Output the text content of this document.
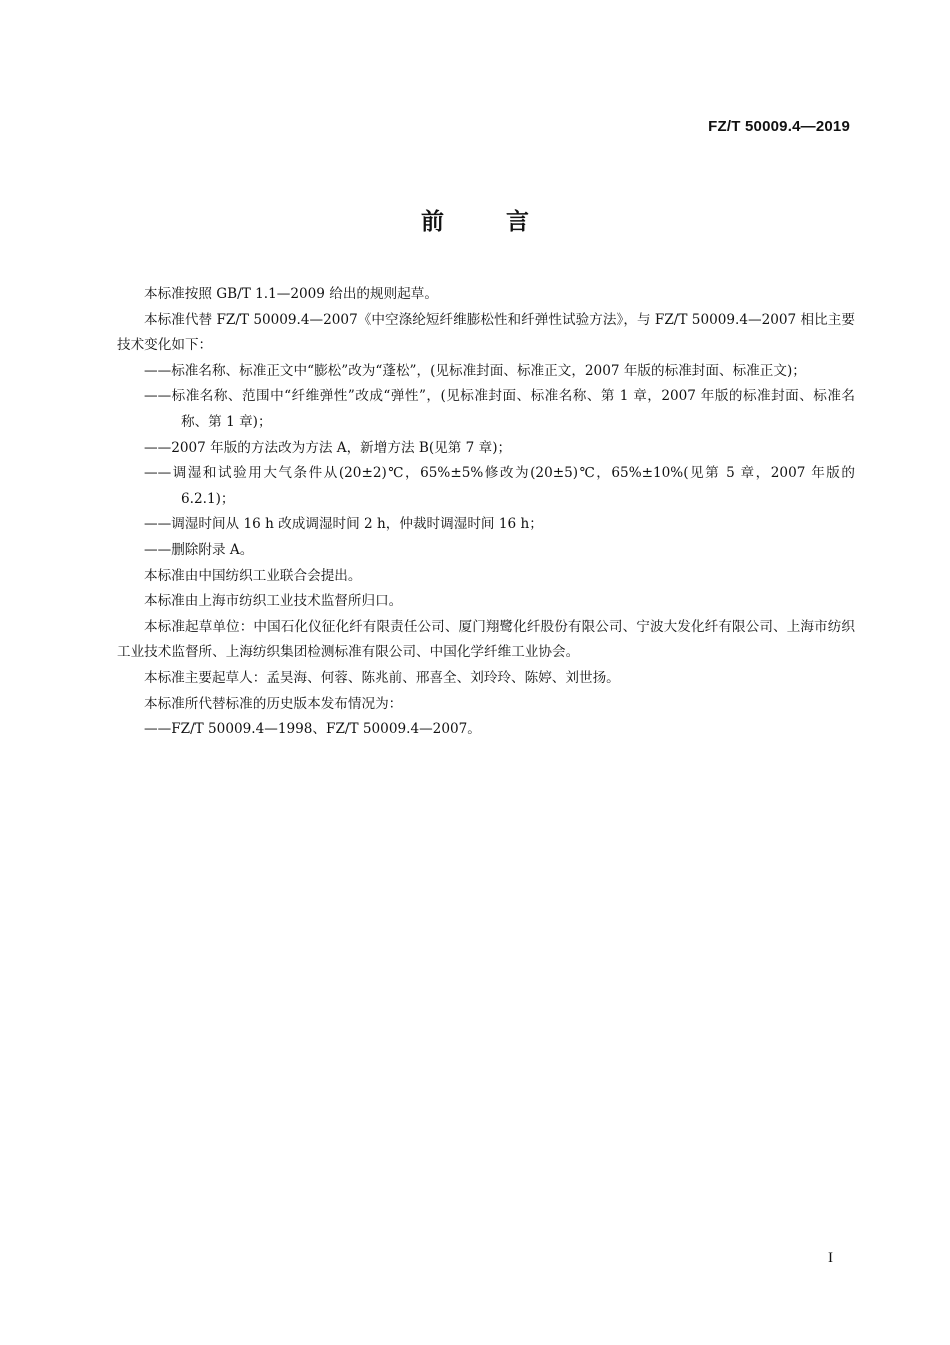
FZ/T 50009.4—2019
前言

本标准按照 GB/T 1.1—2009 给出的规则起草。

本标准代替 FZ/T 50009.4—2007《中空涤纶短纤维膨松性和纤弹性试验方法》，与 FZ/T 50009.4—2007 相比主要技术变化如下：

——标准名称、标准正文中“膨松”改为“蓬松”，(见标准封面、标准正文，2007 年版的标准封面、标准正文)；

——标准名称、范围中“纤维弹性”改成“弹性”，(见标准封面、标准名称、第 1 章，2007 年版的标准封面、标准名称、第 1 章)；

——2007 年版的方法改为方法 A，新增方法 B(见第 7 章)；

——调湿和试验用大气条件从(20±2)℃，65%±5%修改为(20±5)℃，65%±10%(见第 5 章，2007 年版的 6.2.1)；

——调湿时间从 16 h 改成调湿时间 2 h，仲裁时调湿时间 16 h；

——删除附录 A。

本标准由中国纺织工业联合会提出。

本标准由上海市纺织工业技术监督所归口。

本标准起草单位：中国石化仪征化纤有限责任公司、厦门翔鹭化纤股份有限公司、宁波大发化纤有限公司、上海市纺织工业技术监督所、上海纺织集团检测标准有限公司、中国化学纤维工业协会。

本标准主要起草人：孟昊海、何蓉、陈兆前、邢喜全、刘玲玲、陈婷、刘世扬。

本标准所代替标准的历史版本发布情况为：

——FZ/T 50009.4—1998、FZ/T 50009.4—2007。

I
